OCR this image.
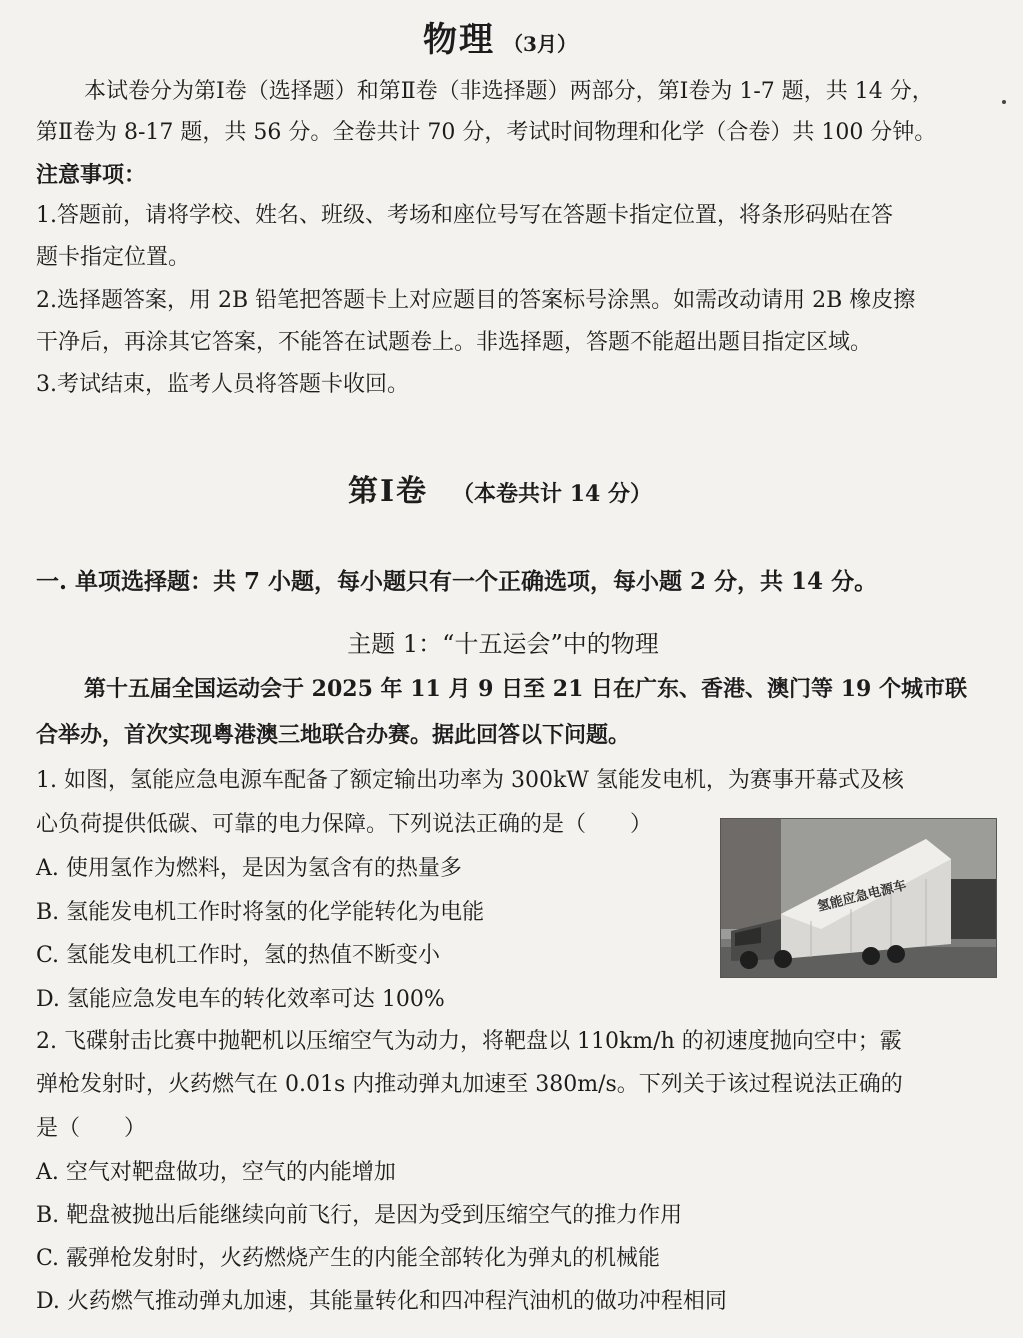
物理 （3月）
本试卷分为第Ⅰ卷（选择题）和第Ⅱ卷（非选择题）两部分，第Ⅰ卷为 1-7 题，共 14 分，
第Ⅱ卷为 8-17 题，共 56 分。全卷共计 70 分，考试时间物理和化学（合卷）共 100 分钟。
注意事项：
1.答题前，请将学校、姓名、班级、考场和座位号写在答题卡指定位置，将条形码贴在答
题卡指定位置。
2.选择题答案，用 2B 铅笔把答题卡上对应题目的答案标号涂黑。如需改动请用 2B 橡皮擦
干净后，再涂其它答案，不能答在试题卷上。非选择题，答题不能超出题目指定区域。
3.考试结束，监考人员将答题卡收回。
第Ⅰ卷 （本卷共计 14 分）
一. 单项选择题：共 7 小题，每小题只有一个正确选项，每小题 2 分，共 14 分。
主题 1：“十五运会”中的物理
第十五届全国运动会于 2025 年 11 月 9 日至 21 日在广东、香港、澳门等 19 个城市联
合举办，首次实现粤港澳三地联合办赛。据此回答以下问题。
1. 如图，氢能应急电源车配备了额定输出功率为 300kW 氢能发电机，为赛事开幕式及核
心负荷提供低碳、可靠的电力保障。下列说法正确的是（　　）
A. 使用氢作为燃料，是因为氢含有的热量多
B. 氢能发电机工作时将氢的化学能转化为电能
C. 氢能发电机工作时，氢的热值不断变小
D. 氢能应急发电车的转化效率可达 100%
氢能应急电源车
2. 飞碟射击比赛中抛靶机以压缩空气为动力，将靶盘以 110km/h 的初速度抛向空中；霰
弹枪发射时，火药燃气在 0.01s 内推动弹丸加速至 380m/s。下列关于该过程说法正确的
是（　　）
A. 空气对靶盘做功，空气的内能增加
B. 靶盘被抛出后能继续向前飞行，是因为受到压缩空气的推力作用
C. 霰弹枪发射时，火药燃烧产生的内能全部转化为弹丸的机械能
D. 火药燃气推动弹丸加速，其能量转化和四冲程汽油机的做功冲程相同
